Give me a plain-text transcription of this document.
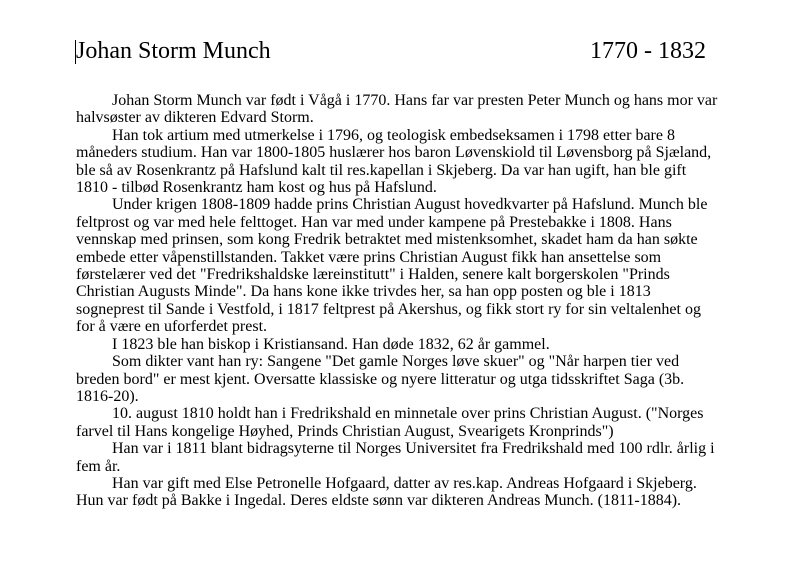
Johan Storm Munch	1770 - 1832

Johan Storm Munch var født i Vågå i 1770. Hans far var presten Peter Munch og hans mor var
halvsøster av dikteren Edvard Storm.

Han tok artium med utmerkelse i 1796, og teologisk embedseksamen i 1798 etter bare 8
måneders studium. Han var 1800-1805 huslærer hos baron Løvenskiold til Løvensborg på Sjæland,
ble så av Rosenkrantz på Hafslund kalt til res.kapellan i Skjeberg. Da var han ugift, han ble gift
1810 - tilbød Rosenkrantz ham kost og hus på Hafslund.

Under krigen 1808-1809 hadde prins Christian August hovedkvarter på Hafslund. Munch ble
feltprost og var med hele felttoget. Han var med under kampene på Prestebakke i 1808. Hans
vennskap med prinsen, som kong Fredrik betraktet med mistenksomhet, skadet ham da han søkte
embede etter våpenstillstanden. Takket være prins Christian August fikk han ansettelse som
førstelærer ved det "Fredrikshaldske læreinstitutt" i Halden, senere kalt borgerskolen "Prinds
Christian Augusts Minde". Da hans kone ikke trivdes her, sa han opp posten og ble i 1813
sogneprest til Sande i Vestfold, i 1817 feltprest på Akershus, og fikk stort ry for sin veltalenhet og
for å være en uforferdet prest.

I 1823 ble han biskop i Kristiansand. Han døde 1832, 62 år gammel.

Som dikter vant han ry: Sangene "Det gamle Norges løve skuer" og "Når harpen tier ved
breden bord" er mest kjent. Oversatte klassiske og nyere litteratur og utga tidsskriftet Saga (3b.
1816-20).

10. august 1810 holdt han i Fredrikshald en minnetale over prins Christian August. ("Norges
farvel til Hans kongelige Høyhed, Prinds Christian August, Svearigets Kronprinds")

Han var i 1811 blant bidragsyterne til Norges Universitet fra Fredrikshald med 100 rdlr. årlig i
fem år.

Han var gift med Else Petronelle Hofgaard, datter av res.kap. Andreas Hofgaard i Skjeberg.
Hun var født på Bakke i Ingedal. Deres eldste sønn var dikteren Andreas Munch. (1811-1884).
